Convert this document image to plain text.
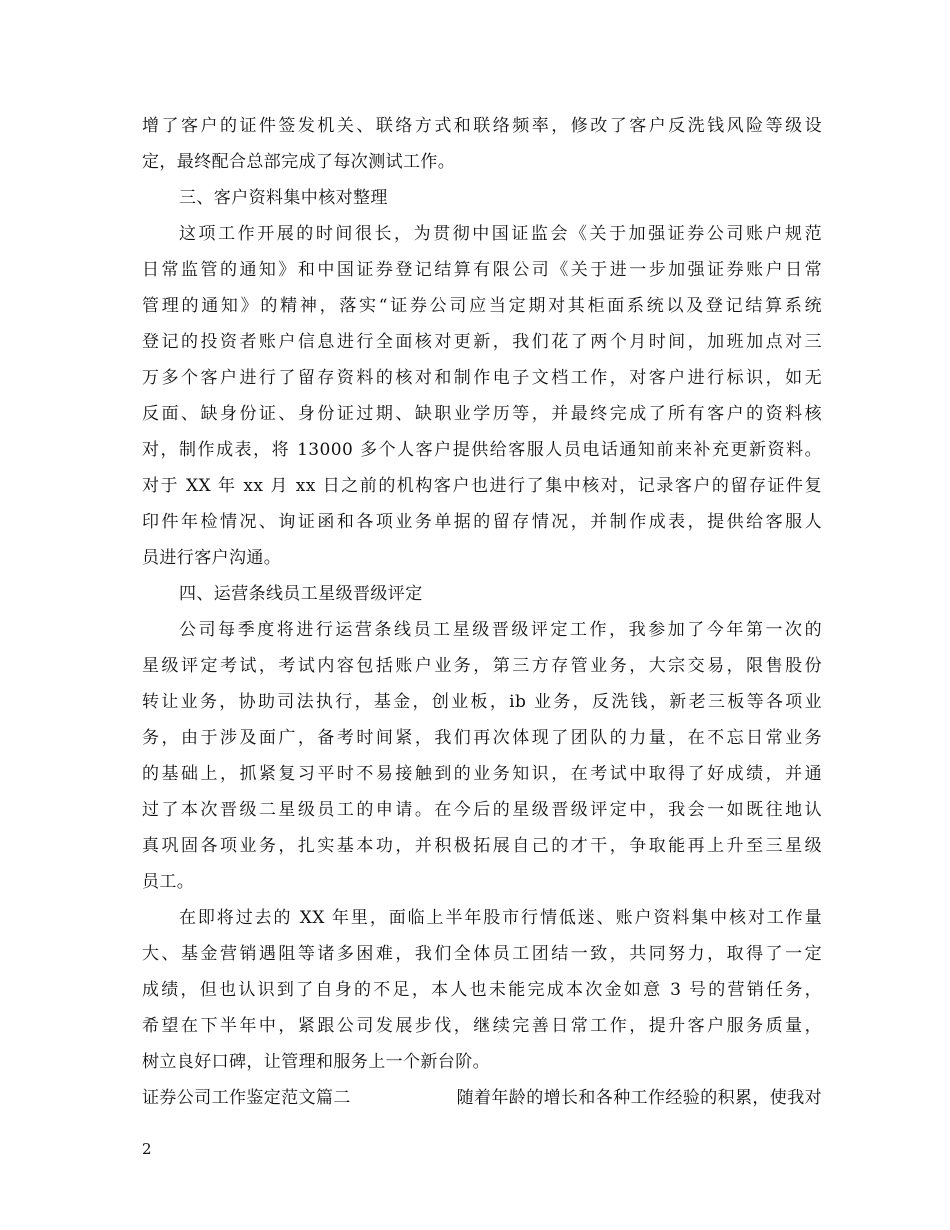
增了客户的证件签发机关、联络方式和联络频率，修改了客户反洗钱风险等级设
定，最终配合总部完成了每次测试工作。
三、客户资料集中核对整理
这项工作开展的时间很长，为贯彻中国证监会《关于加强证券公司账户规范
日常监管的通知》和中国证券登记结算有限公司《关于进一步加强证券账户日常
管理的通知》的精神，落实“证券公司应当定期对其柜面系统以及登记结算系统
登记的投资者账户信息进行全面核对更新，我们花了两个月时间，加班加点对三
万多个客户进行了留存资料的核对和制作电子文档工作，对客户进行标识，如无
反面、缺身份证、身份证过期、缺职业学历等，并最终完成了所有客户的资料核
对，制作成表，将 13000 多个人客户提供给客服人员电话通知前来补充更新资料。
对于 XX 年 xx 月 xx 日之前的机构客户也进行了集中核对，记录客户的留存证件复
印件年检情况、询证函和各项业务单据的留存情况，并制作成表，提供给客服人
员进行客户沟通。
四、运营条线员工星级晋级评定
公司每季度将进行运营条线员工星级晋级评定工作，我参加了今年第一次的
星级评定考试，考试内容包括账户业务，第三方存管业务，大宗交易，限售股份
转让业务，协助司法执行，基金，创业板，ib 业务，反洗钱，新老三板等各项业
务，由于涉及面广，备考时间紧，我们再次体现了团队的力量，在不忘日常业务
的基础上，抓紧复习平时不易接触到的业务知识，在考试中取得了好成绩，并通
过了本次晋级二星级员工的申请。在今后的星级晋级评定中，我会一如既往地认
真巩固各项业务，扎实基本功，并积极拓展自己的才干，争取能再上升至三星级
员工。
在即将过去的 XX 年里，面临上半年股市行情低迷、账户资料集中核对工作量
大、基金营销遇阻等诸多困难，我们全体员工团结一致，共同努力，取得了一定
成绩，但也认识到了自身的不足，本人也未能完成本次金如意 3 号的营销任务，
希望在下半年中，紧跟公司发展步伐，继续完善日常工作，提升客户服务质量，
树立良好口碑，让管理和服务上一个新台阶。
证券公司工作鉴定范文篇二	随着年龄的增长和各种工作经验的积累，使我对
2
